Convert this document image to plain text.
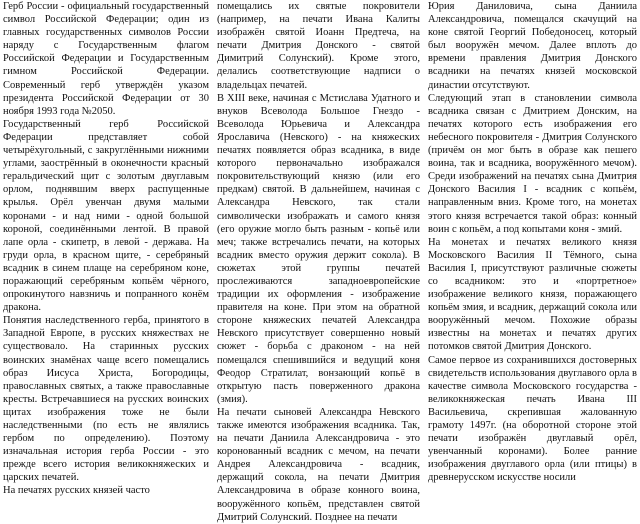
Герб России - официальный государственный символ Российской Федерации; один из главных государственных символов России наряду с Государственным флагом Российской Федерации и Государственным гимном Российской Федерации. Современный герб утверждён указом президента Российской Федерации от 30 ноября 1993 года №2050.

Государственный герб Российской Федерации представляет собой четырёхугольный, с закруглёнными нижними углами, заострённый в оконечности красный геральдический щит с золотым двуглавым орлом, поднявшим вверх распущенные крылья. Орёл увенчан двумя малыми коронами - и над ними - одной большой короной, соединёнными лентой. В правой лапе орла - скипетр, в левой - держава. На груди орла, в красном щите, - серебряный всадник в синем плаще на серебряном коне, поражающий серебряным копьём чёрного, опрокинутого навзничь и попранного конём дракона.

Понятия наследственного герба, принятого в Западной Европе, в русских княжествах не существовало. На старинных русских воинских знамёнах чаще всего помещались образ Иисуса Христа, Богородицы, православных святых, а также православные кресты. Встречавшиеся на русских воинских щитах изображения тоже не были наследственными (по есть не являлись гербом по определению). Поэтому изначальная история герба России - это прежде всего история великокняжеских и царских печатей.

На печатях русских князей часто

помещались их святые покровители (например, на печати Ивана Калиты изображён святой Иоанн Предтеча, на печати Дмитрия Донского - святой Димитрий Солунский). Кроме этого, делались соответствующие надписи о владельцах печатей.

В XIII веке, начиная с Мстислава Удатного и внуков Всеволода Большое Гнездо - Всеволода Юрьевича и Александра Ярославича (Невского) - на княжеских печатях появляется образ всадника, в виде которого первоначально изображался покровительствующий князю (или его предкам) святой. В дальнейшем, начиная с Александра Невского, так стали символически изображать и самого князя (его оружие могло быть разным - копьё или меч; также встречались печати, на которых всадник вместо оружия держит сокола). В сюжетах этой группы печатей прослеживаются западноевропейские традиции их оформления - изображение правителя на коне. При этом на обратной стороне княжеских печатей Александра Невского присутствует совершенно новый сюжет - борьба с драконом - на ней помещался спешившийся и ведущий коня Феодор Стратилат, вонзающий копьё в открытую пасть поверженного дракона (змия).

На печати сыновей Александра Невского также имеются изображения всадника. Так, на печати Даниила Александровича - это коронованный всадник с мечом, на печати Андрея Александровича - всадник, держащий сокола, на печати Дмитрия Александровича в образе конного воина, вооружённого копьём, представлен святой Дмитрий Солунский. Позднее на печати

Юрия Даниловича, сына Даниила Александровича, помещался скачущий на коне святой Георгий Победоносец, который был вооружён мечом. Далее вплоть до времени правления Дмитрия Донского всадники на печатях князей московской династии отсутствуют.

Следующий этап в становлении символа всадника связан с Дмитрием Донским, на печатях которого есть изображения его небесного покровителя - Дмитрия Солунского (причём он мог быть в образе как пешего воина, так и всадника, вооружённого мечом). Среди изображений на печатях сына Дмитрия Донского Василия I - всадник с копьём, направленным вниз. Кроме того, на монетах этого князя встречается такой образ: конный воин с копьём, а под копытами коня - змий.

На монетах и печатях великого князя Московского Василия II Тёмного, сына Василия I, присутствуют различные сюжеты со всадником: это и «портретное» изображение великого князя, поражающего копьём змия, и всадник, держащий сокола или вооружённый мечом. Похожие образы известны на монетах и печатях других потомков святой Дмитрия Донского.

Самое первое из сохранившихся достоверных свидетельств использования двуглавого орла в качестве символа Московского государства - великокняжеская печать Ивана III Васильевича, скрепившая жалованную грамоту 1497г. (на оборотной стороне этой печати изображён двуглавый орёл, увенчанный коронами). Более ранние изображения двуглавого орла (или птицы) в древнерусском искусстве носили
